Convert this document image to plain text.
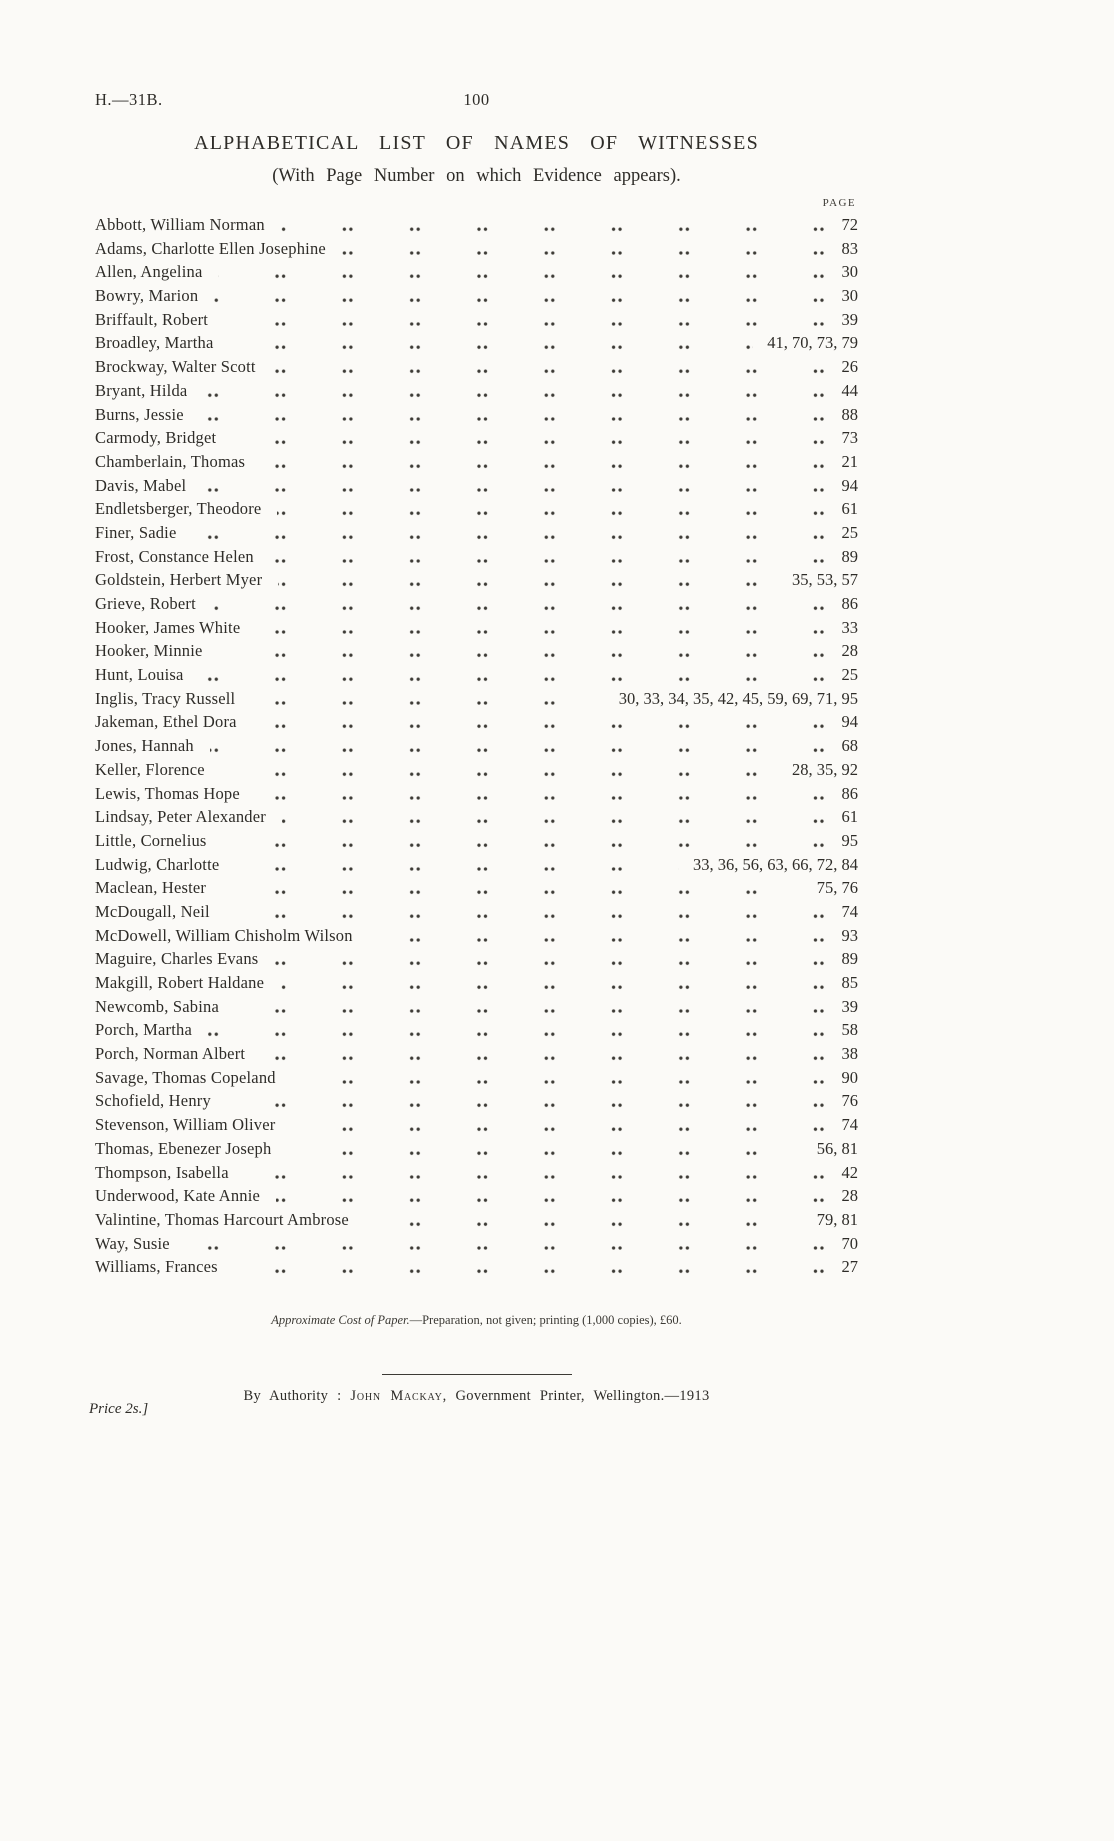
H.—31B.	100
ALPHABETICAL LIST OF NAMES OF WITNESSES
(With Page Number on which Evidence appears).
PAGE
Abbott, William Norman	72
Adams, Charlotte Ellen Josephine	83
Allen, Angelina	30
Bowry, Marion	30
Briffault, Robert	39
Broadley, Martha	41, 70, 73, 79
Brockway, Walter Scott	26
Bryant, Hilda	44
Burns, Jessie	88
Carmody, Bridget	73
Chamberlain, Thomas	21
Davis, Mabel	94
Endletsberger, Theodore	61
Finer, Sadie	25
Frost, Constance Helen	89
Goldstein, Herbert Myer	35, 53, 57
Grieve, Robert	86
Hooker, James White	33
Hooker, Minnie	28
Hunt, Louisa	25
Inglis, Tracy Russell	30, 33, 34, 35, 42, 45, 59, 69, 71, 95
Jakeman, Ethel Dora	94
Jones, Hannah	68
Keller, Florence	28, 35, 92
Lewis, Thomas Hope	86
Lindsay, Peter Alexander	61
Little, Cornelius	95
Ludwig, Charlotte	33, 36, 56, 63, 66, 72, 84
Maclean, Hester	75, 76
McDougall, Neil	74
McDowell, William Chisholm Wilson	93
Maguire, Charles Evans	89
Makgill, Robert Haldane	85
Newcomb, Sabina	39
Porch, Martha	58
Porch, Norman Albert	38
Savage, Thomas Copeland	90
Schofield, Henry	76
Stevenson, William Oliver	74
Thomas, Ebenezer Joseph	56, 81
Thompson, Isabella	42
Underwood, Kate Annie	28
Valintine, Thomas Harcourt Ambrose	79, 81
Way, Susie	70
Williams, Frances	27
Approximate Cost of Paper.—Preparation, not given; printing (1,000 copies), £60.
By Authority : John Mackay, Government Printer, Wellington.—1913
Price 2s.]
